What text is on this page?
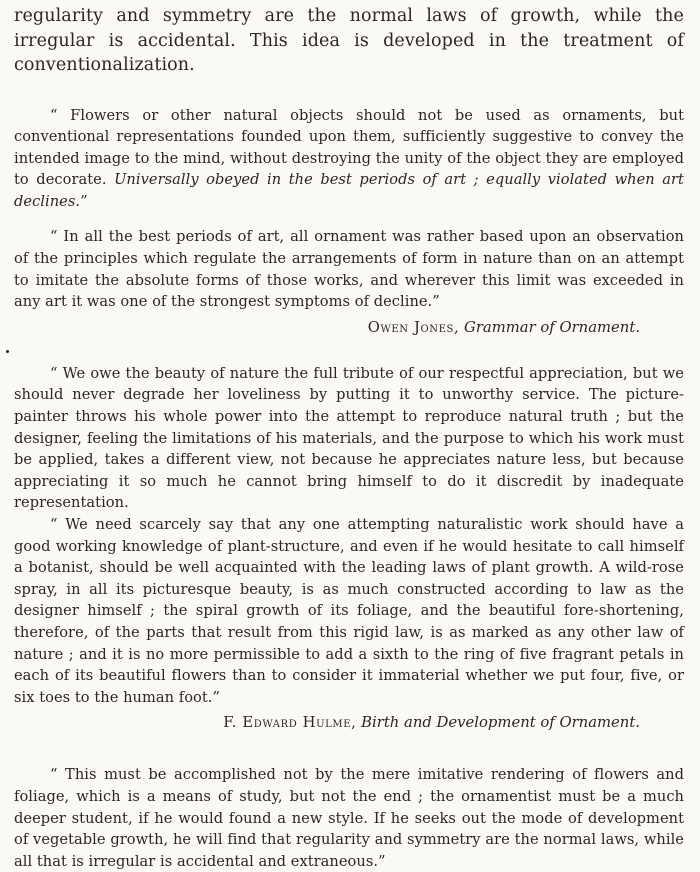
regularity and symmetry are the normal laws of growth, while the irregular is accidental. This idea is developed in the treatment of conventionalization.

“ Flowers or other natural objects should not be used as ornaments, but conventional representations founded upon them, sufficiently suggestive to convey the intended image to the mind, without destroying the unity of the object they are employed to decorate. Universally obeyed in the best periods of art ; equally violated when art declines.”

“ In all the best periods of art, all ornament was rather based upon an observation of the principles which regulate the arrangements of form in nature than on an attempt to imitate the absolute forms of those works, and wherever this limit was exceeded in any art it was one of the strongest symptoms of decline.”

Owen Jones, Grammar of Ornament.

“ We owe the beauty of nature the full tribute of our respectful appreciation, but we should never degrade her loveliness by putting it to unworthy service. The picture-painter throws his whole power into the attempt to reproduce natural truth ; but the designer, feeling the limitations of his materials, and the purpose to which his work must be applied, takes a different view, not because he appreciates nature less, but because appreciating it so much he cannot bring himself to do it discredit by inadequate representation.

“ We need scarcely say that any one attempting naturalistic work should have a good working knowledge of plant-structure, and even if he would hesitate to call himself a botanist, should be well acquainted with the leading laws of plant growth. A wild-rose spray, in all its picturesque beauty, is as much constructed according to law as the designer himself ; the spiral growth of its foliage, and the beautiful fore-shortening, therefore, of the parts that result from this rigid law, is as marked as any other law of nature ; and it is no more permissible to add a sixth to the ring of five fragrant petals in each of its beautiful flowers than to consider it immaterial whether we put four, five, or six toes to the human foot.”

F. Edward Hulme, Birth and Development of Ornament.

“ This must be accomplished not by the mere imitative rendering of flowers and foliage, which is a means of study, but not the end ; the ornamentist must be a much deeper student, if he would found a new style. If he seeks out the mode of development of vegetable growth, he will find that regularity and symmetry are the normal laws, while all that is irregular is accidental and extraneous.”
